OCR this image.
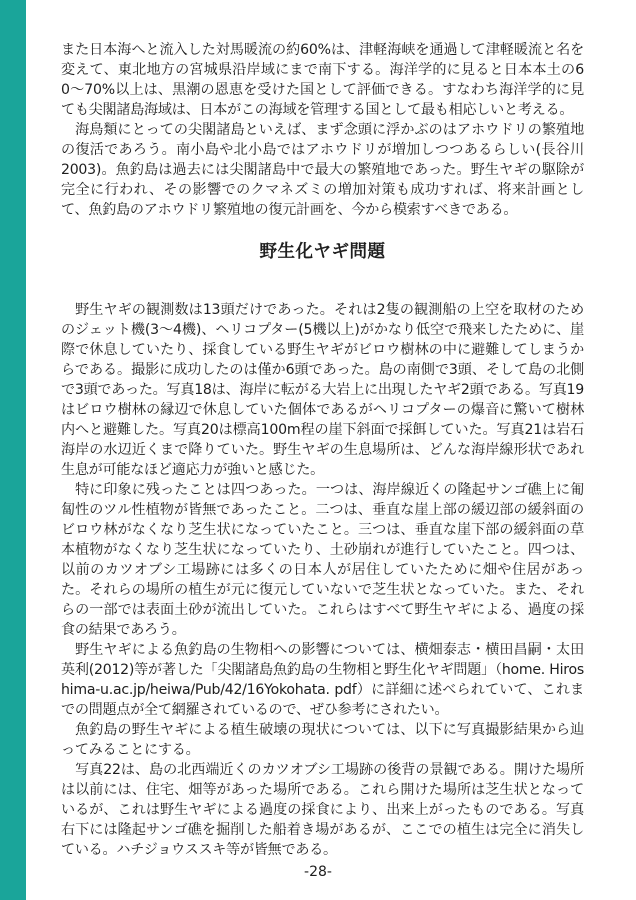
また日本海へと流入した対馬暖流の約60%は、津軽海峡を通過して津軽暖流と名を変えて、東北地方の宮城県沿岸域にまで南下する。海洋学的に見ると日本本土の60〜70%以上は、黒潮の恩恵を受けた国として評価できる。すなわち海洋学的に見ても尖閣諸島海域は、日本がこの海域を管理する国として最も相応しいと考える。

海鳥類にとっての尖閣諸島といえば、まず念頭に浮かぶのはアホウドリの繁殖地の復活であろう。南小島や北小島ではアホウドリが増加しつつあるらしい(長谷川　2003)。魚釣島は過去には尖閣諸島中で最大の繁殖地であった。野生ヤギの駆除が完全に行われ、その影響でのクマネズミの増加対策も成功すれば、将来計画として、魚釣島のアホウドリ繁殖地の復元計画を、今から模索すべきである。

野生化ヤギ問題

野生ヤギの観測数は13頭だけであった。それは2隻の観測船の上空を取材のためのジェット機(3〜4機)、ヘリコプター(5機以上)がかなり低空で飛来したために、崖際で休息していたり、採食している野生ヤギがビロウ樹林の中に避難してしまうからである。撮影に成功したのは僅か6頭であった。島の南側で3頭、そして島の北側で3頭であった。写真18は、海岸に転がる大岩上に出現したヤギ2頭である。写真19はビロウ樹林の縁辺で休息していた個体であるがヘリコプターの爆音に驚いて樹林内へと避難した。写真20は標高100m程の崖下斜面で採餌していた。写真21は岩石海岸の水辺近くまで降りていた。野生ヤギの生息場所は、どんな海岸線形状であれ生息が可能なほど適応力が強いと感じた。

特に印象に残ったことは四つあった。一つは、海岸線近くの隆起サンゴ礁上に匍匐性のツル性植物が皆無であったこと。二つは、垂直な崖上部の緩辺部の緩斜面のビロウ林がなくなり芝生状になっていたこと。三つは、垂直な崖下部の緩斜面の草本植物がなくなり芝生状になっていたり、土砂崩れが進行していたこと。四つは、以前のカツオブシ工場跡には多くの日本人が居住していたために畑や住居があった。それらの場所の植生が元に復元していないで芝生状となっていた。また、それらの一部では表面土砂が流出していた。これらはすべて野生ヤギによる、過度の採食の結果であろう。

野生ヤギによる魚釣島の生物相への影響については、横畑泰志・横田昌嗣・太田英利(2012)等が著した「尖閣諸島魚釣島の生物相と野生化ヤギ問題」（home. Hiroshima-u.ac.jp/heiwa/Pub/42/16Yokohata. pdf）に詳細に述べられていて、これまでの問題点が全て網羅されているので、ぜひ参考にされたい。

魚釣島の野生ヤギによる植生破壊の現状については、以下に写真撮影結果から辿ってみることにする。

写真22は、島の北西端近くのカツオブシ工場跡の後背の景観である。開けた場所は以前には、住宅、畑等があった場所である。これら開けた場所は芝生状となっているが、これは野生ヤギによる過度の採食により、出来上がったものである。写真右下には隆起サンゴ礁を掘削した船着き場があるが、ここでの植生は完全に消失している。ハチジョウススキ等が皆無である。

-28-
